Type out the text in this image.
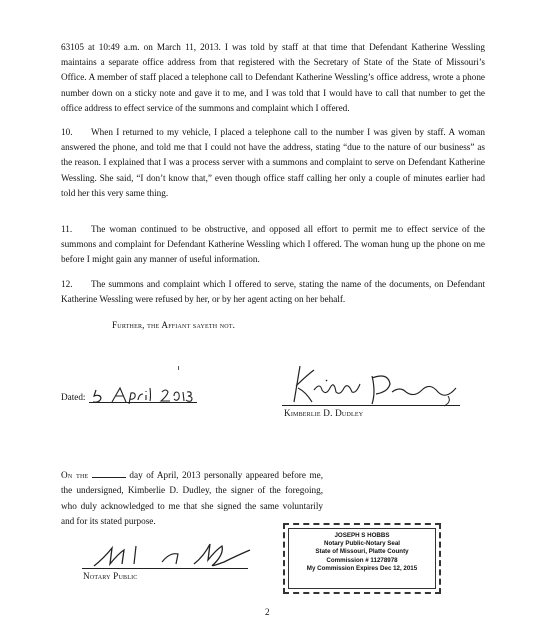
63105 at 10:49 a.m. on March 11, 2013. I was told by staff at that time that Defendant Katherine Wessling maintains a separate office address from that registered with the Secretary of State of the State of Missouri’s Office. A member of staff placed a telephone call to Defendant Katherine Wessling’s office address, wrote a phone number down on a sticky note and gave it to me, and I was told that I would have to call that number to get the office address to effect service of the summons and complaint which I offered.
10. When I returned to my vehicle, I placed a telephone call to the number I was given by staff. A woman answered the phone, and told me that I could not have the address, stating “due to the nature of our business” as the reason. I explained that I was a process server with a summons and complaint to serve on Defendant Katherine Wessling. She said, “I don’t know that,” even though office staff calling her only a couple of minutes earlier had told her this very same thing.
11. The woman continued to be obstructive, and opposed all effort to permit me to effect service of the summons and complaint for Defendant Katherine Wessling which I offered. The woman hung up the phone on me before I might gain any manner of useful information.
12. The summons and complaint which I offered to serve, stating the name of the documents, on Defendant Katherine Wessling were refused by her, or by her agent acting on her behalf.
Further, the Affiant sayeth not.
Dated:
Kimberlie D. Dudley
On the	day of April, 2013 personally appeared before me, the undersigned, Kimberlie D. Dudley, the signer of the foregoing, who duly acknowledged to me that she signed the same voluntarily and for its stated purpose.
Notary Public
JOSEPH S HOBBS
Notary Public-Notary Seal
State of Missouri, Platte County
Commission # 11278978
My Commission Expires Dec 12, 2015
2
